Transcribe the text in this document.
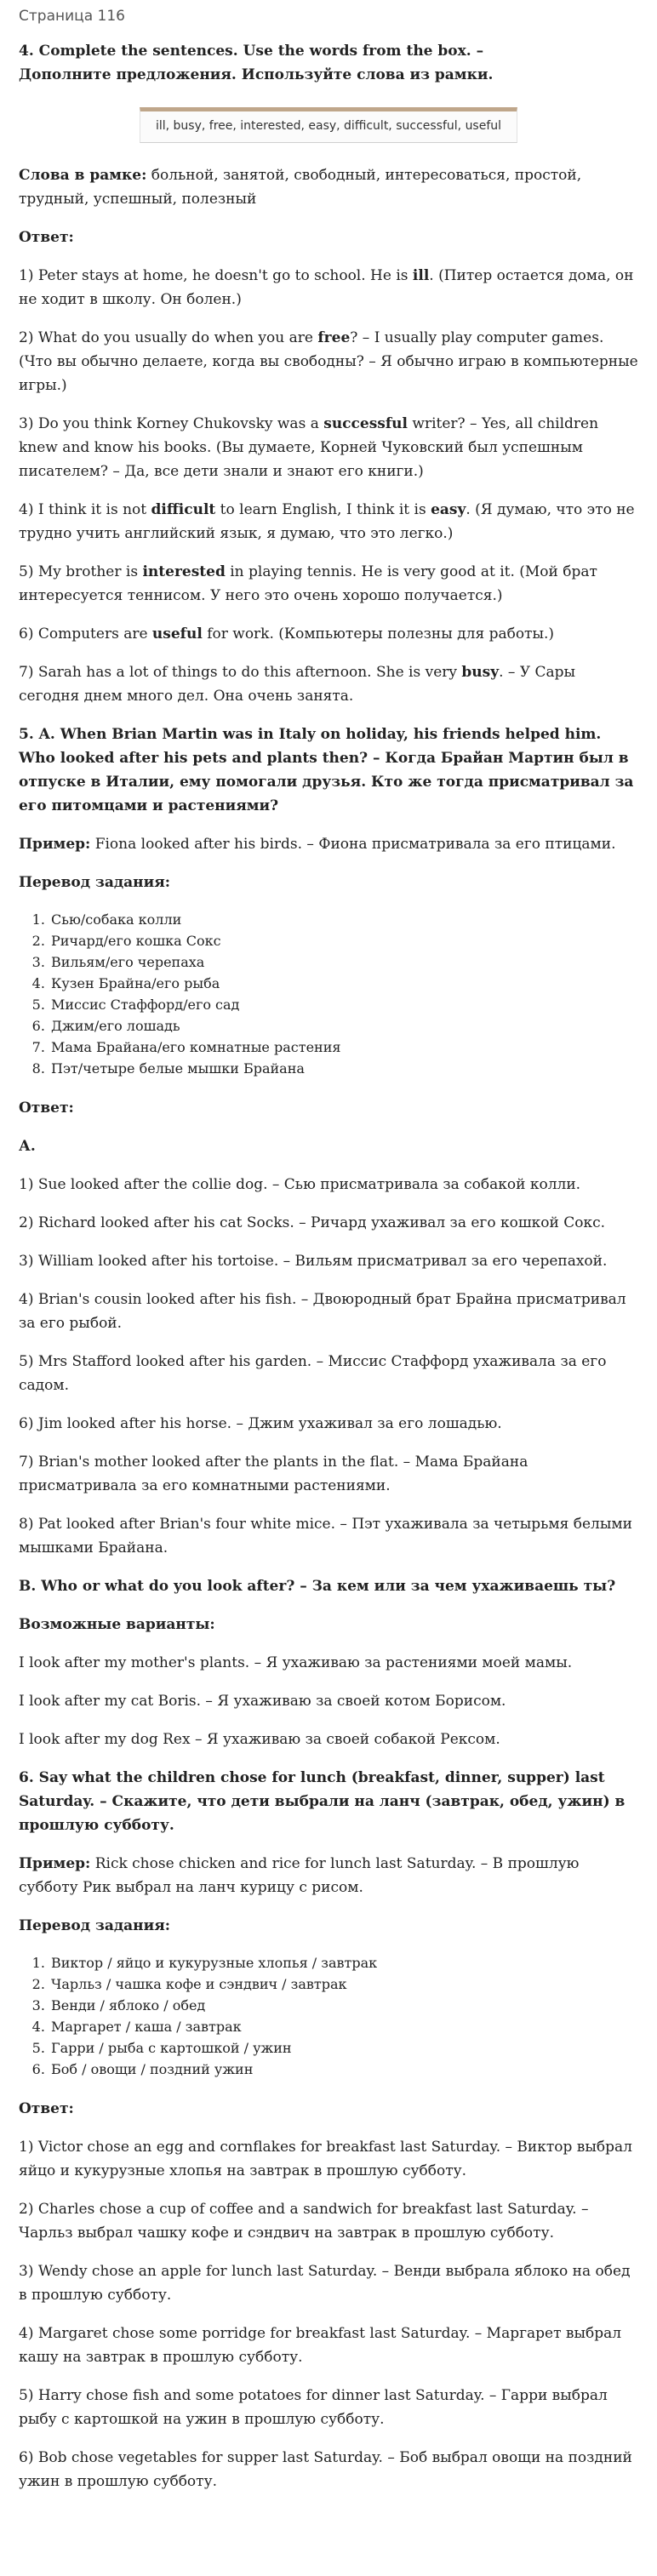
Страница 116

4. Complete the sentences. Use the words from the box. –
Дополните предложения. Используйте слова из рамки.

ill, busy, free, interested, easy, difficult, successful, useful

Слова в рамке: больной, занятой, свободный, интересоваться, простой, трудный, успешный, полезный

Ответ:

1) Peter stays at home, he doesn't go to school. He is ill. (Питер остается дома, он не ходит в школу. Он болен.)

2) What do you usually do when you are free? – I usually play computer games. (Что вы обычно делаете, когда вы свободны? – Я обычно играю в компьютерные игры.)

3) Do you think Korney Chukovsky was a successful writer? – Yes, all children knew and know his books. (Вы думаете, Корней Чуковский был успешным писателем? – Да, все дети знали и знают его книги.)

4) I think it is not difficult to learn English, I think it is easy. (Я думаю, что это не трудно учить английский язык, я думаю, что это легко.)

5) My brother is interested in playing tennis. He is very good at it. (Мой брат интересуется теннисом. У него это очень хорошо получается.)

6) Computers are useful for work. (Компьютеры полезны для работы.)

7) Sarah has a lot of things to do this afternoon. She is very busy. – У Сары сегодня днем много дел. Она очень занята.

5. A. When Brian Martin was in Italy on holiday, his friends helped him. Who looked after his pets and plants then? – Когда Брайан Мартин был в отпуске в Италии, ему помогали друзья. Кто же тогда присматривал за его питомцами и растениями?

Пример: Fiona looked after his birds. – Фиона присматривала за его птицами.

Перевод задания:

1. Сью/собака колли
2. Ричард/его кошка Сокс
3. Вильям/его черепаха
4. Кузен Брайна/его рыба
5. Миссис Стаффорд/его сад
6. Джим/его лошадь
7. Мама Брайана/его комнатные растения
8. Пэт/четыре белые мышки Брайана

Ответ:

А.

1) Sue looked after the collie dog. – Сью присматривала за собакой колли.

2) Richard looked after his cat Socks. – Ричард ухаживал за его кошкой Сокс.

3) William looked after his tortoise. – Вильям присматривал за его черепахой.

4) Brian's cousin looked after his fish. – Двоюродный брат Брайна присматривал за его рыбой.

5) Mrs Stafford looked after his garden. – Миссис Стаффорд ухаживала за его садом.

6) Jim looked after his horse. – Джим ухаживал за его лошадью.

7) Brian's mother looked after the plants in the flat. – Мама Брайана присматривала за его комнатными растениями.

8) Pat looked after Brian's four white mice. – Пэт ухаживала за четырьмя белыми мышками Брайана.

B. Who or what do you look after? – За кем или за чем ухаживаешь ты?

Возможные варианты:

I look after my mother's plants. – Я ухаживаю за растениями моей мамы.

I look after my cat Boris. – Я ухаживаю за своей котом Борисом.

I look after my dog Rex – Я ухаживаю за своей собакой Рексом.

6. Say what the children chose for lunch (breakfast, dinner, supper) last Saturday. – Скажите, что дети выбрали на ланч (завтрак, обед, ужин) в прошлую субботу.

Пример: Rick chose chicken and rice for lunch last Saturday. – В прошлую субботу Рик выбрал на ланч курицу с рисом.

Перевод задания:

1. Виктор / яйцо и кукурузные хлопья / завтрак
2. Чарльз / чашка кофе и сэндвич / завтрак
3. Венди / яблоко / обед
4. Маргарет / каша / завтрак
5. Гарри / рыба с картошкой / ужин
6. Боб / овощи / поздний ужин

Ответ:

1) Victor chose an egg and cornflakes for breakfast last Saturday. – Виктор выбрал яйцо и кукурузные хлопья на завтрак в прошлую субботу.

2) Charles chose a cup of coffee and a sandwich for breakfast last Saturday. – Чарльз выбрал чашку кофе и сэндвич на завтрак в прошлую субботу.

3) Wendy chose an apple for lunch last Saturday. – Венди выбрала яблоко на обед в прошлую субботу.

4) Margaret chose some porridge for breakfast last Saturday. – Маргарет выбрал кашу на завтрак в прошлую субботу.

5) Harry chose fish and some potatoes for dinner last Saturday. – Гарри выбрал рыбу с картошкой на ужин в прошлую субботу.

6) Bob chose vegetables for supper last Saturday. – Боб выбрал овощи на поздний ужин в прошлую субботу.
